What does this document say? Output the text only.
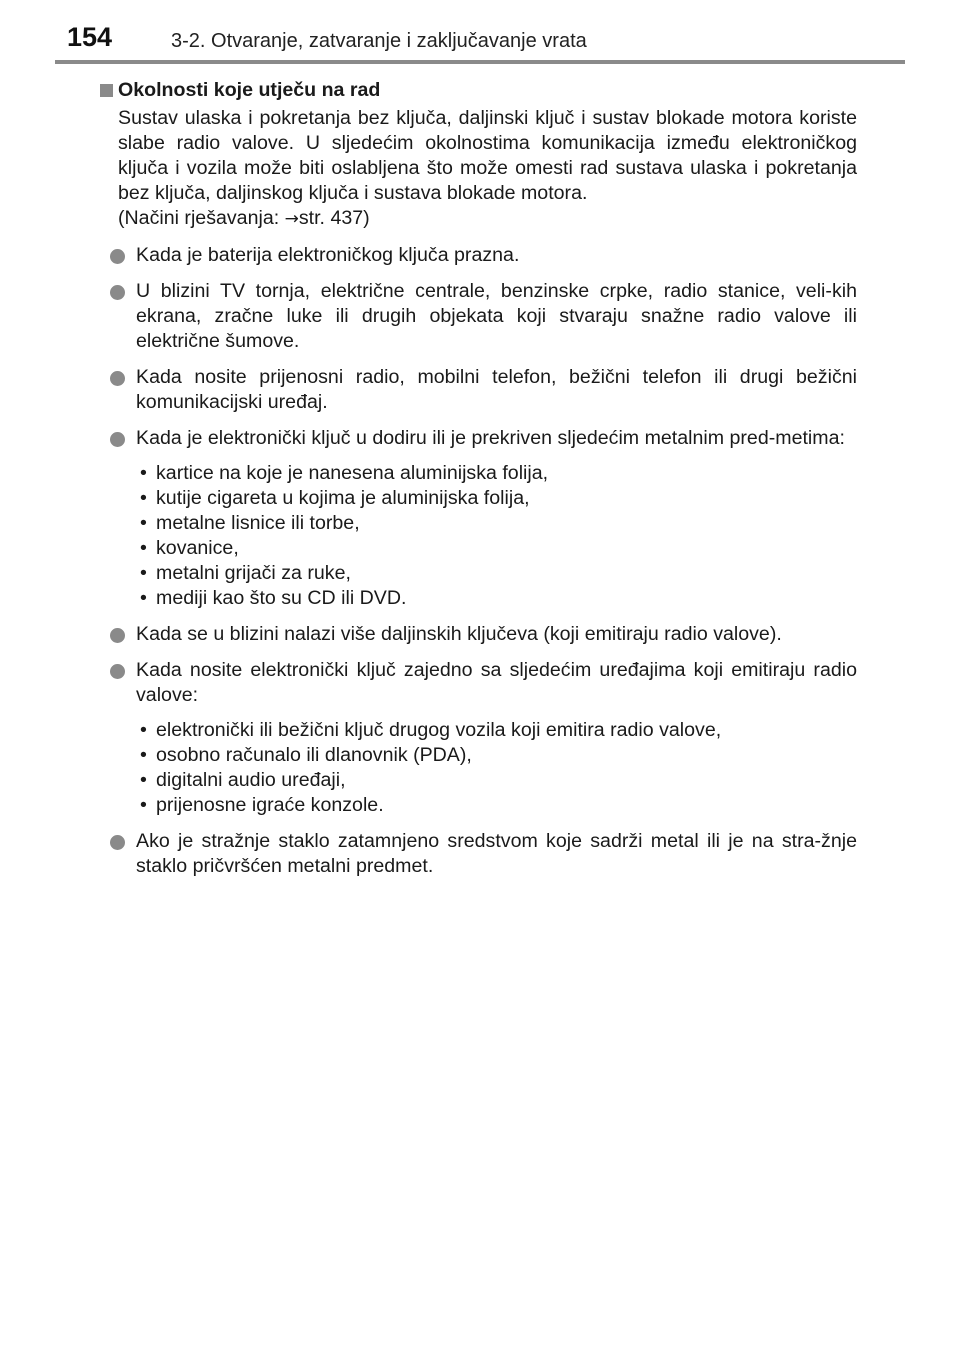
154	3-2. Otvaranje, zatvaranje i zaključavanje vrata

Okolnosti koje utječu na rad

Sustav ulaska i pokretanja bez ključa, daljinski ključ i sustav blokade motora koriste slabe radio valove. U sljedećim okolnostima komunikacija između elektroničkog ključa i vozila može biti oslabljena što može omesti rad sustava ulaska i pokretanja bez ključa, daljinskog ključa i sustava blokade motora.
(Načini rješavanja: →str. 437)

Kada je baterija elektroničkog ključa prazna.
U blizini TV tornja, električne centrale, benzinske crpke, radio stanice, veli-kih ekrana, zračne luke ili drugih objekata koji stvaraju snažne radio valove ili električne šumove.
Kada nosite prijenosni radio, mobilni telefon, bežični telefon ili drugi bežični komunikacijski uređaj.
Kada je elektronički ključ u dodiru ili je prekriven sljedećim metalnim pred-metima:
• kartice na koje je nanesena aluminijska folija,
• kutije cigareta u kojima je aluminijska folija,
• metalne lisnice ili torbe,
• kovanice,
• metalni grijači za ruke,
• mediji kao što su CD ili DVD.
Kada se u blizini nalazi više daljinskih ključeva (koji emitiraju radio valove).
Kada nosite elektronički ključ zajedno sa sljedećim uređajima koji emitiraju radio valove:
• elektronički ili bežični ključ drugog vozila koji emitira radio valove,
• osobno računalo ili dlanovnik (PDA),
• digitalni audio uređaji,
• prijenosne igraće konzole.
Ako je stražnje staklo zatamnjeno sredstvom koje sadrži metal ili je na stra-žnje staklo pričvršćen metalni predmet.
